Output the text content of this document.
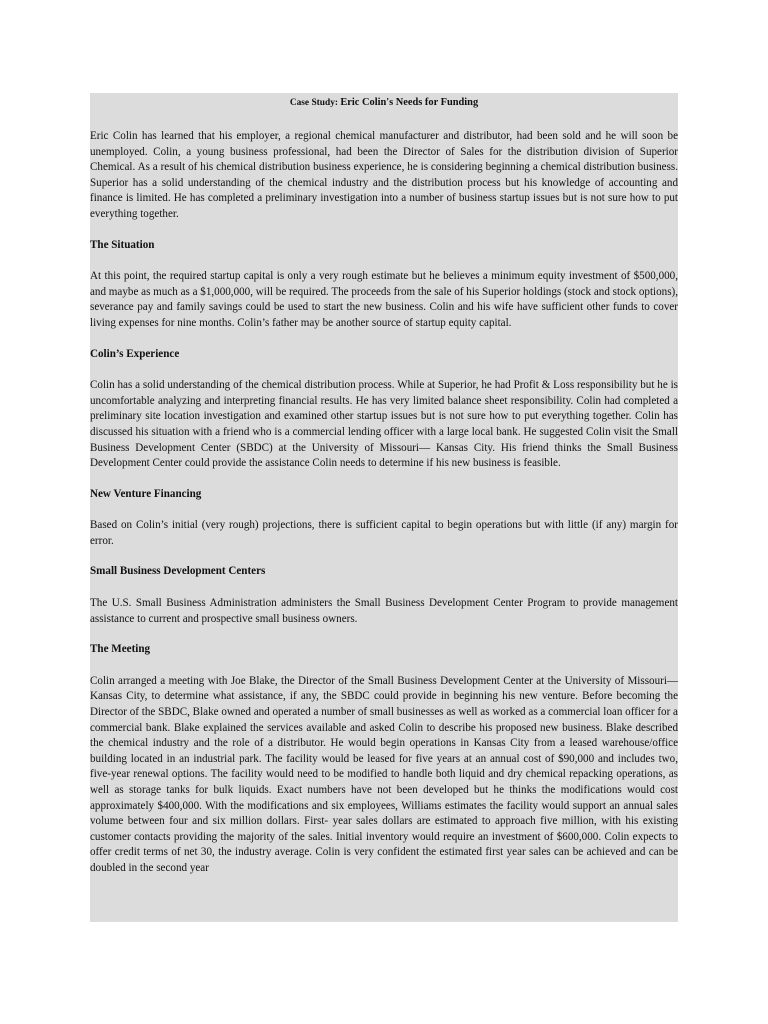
Case Study: Eric Colin's Needs for Funding

Eric Colin has learned that his employer, a regional chemical manufacturer and distributor, had been sold and he will soon be unemployed. Colin, a young business professional, had been the Director of Sales for the distribution division of Superior Chemical. As a result of his chemical distribution business experience, he is considering beginning a chemical distribution business. Superior has a solid understanding of the chemical industry and the distribution process but his knowledge of accounting and finance is limited. He has completed a preliminary investigation into a number of business startup issues but is not sure how to put everything together.

The Situation

At this point, the required startup capital is only a very rough estimate but he believes a minimum equity investment of $500,000, and maybe as much as a $1,000,000, will be required. The proceeds from the sale of his Superior holdings (stock and stock options), severance pay and family savings could be used to start the new business. Colin and his wife have sufficient other funds to cover living expenses for nine months. Colin’s father may be another source of startup equity capital.

Colin’s Experience

Colin has a solid understanding of the chemical distribution process. While at Superior, he had Profit & Loss responsibility but he is uncomfortable analyzing and interpreting financial results. He has very limited balance sheet responsibility. Colin had completed a preliminary site location investigation and examined other startup issues but is not sure how to put everything together. Colin has discussed his situation with a friend who is a commercial lending officer with a large local bank. He suggested Colin visit the Small Business Development Center (SBDC) at the University of Missouri— Kansas City. His friend thinks the Small Business Development Center could provide the assistance Colin needs to determine if his new business is feasible.

New Venture Financing

Based on Colin’s initial (very rough) projections, there is sufficient capital to begin operations but with little (if any) margin for error.

Small Business Development Centers

The U.S. Small Business Administration administers the Small Business Development Center Program to provide management assistance to current and prospective small business owners.

The Meeting

Colin arranged a meeting with Joe Blake, the Director of the Small Business Development Center at the University of Missouri—Kansas City, to determine what assistance, if any, the SBDC could provide in beginning his new venture. Before becoming the Director of the SBDC, Blake owned and operated a number of small businesses as well as worked as a commercial loan officer for a commercial bank. Blake explained the services available and asked Colin to describe his proposed new business. Blake described the chemical industry and the role of a distributor. He would begin operations in Kansas City from a leased warehouse/office building located in an industrial park. The facility would be leased for five years at an annual cost of $90,000 and includes two, five-year renewal options. The facility would need to be modified to handle both liquid and dry chemical repacking operations, as well as storage tanks for bulk liquids. Exact numbers have not been developed but he thinks the modifications would cost approximately $400,000. With the modifications and six employees, Williams estimates the facility would support an annual sales volume between four and six million dollars. First- year sales dollars are estimated to approach five million, with his existing customer contacts providing the majority of the sales. Initial inventory would require an investment of $600,000. Colin expects to offer credit terms of net 30, the industry average. Colin is very confident the estimated first year sales can be achieved and can be doubled in the second year
